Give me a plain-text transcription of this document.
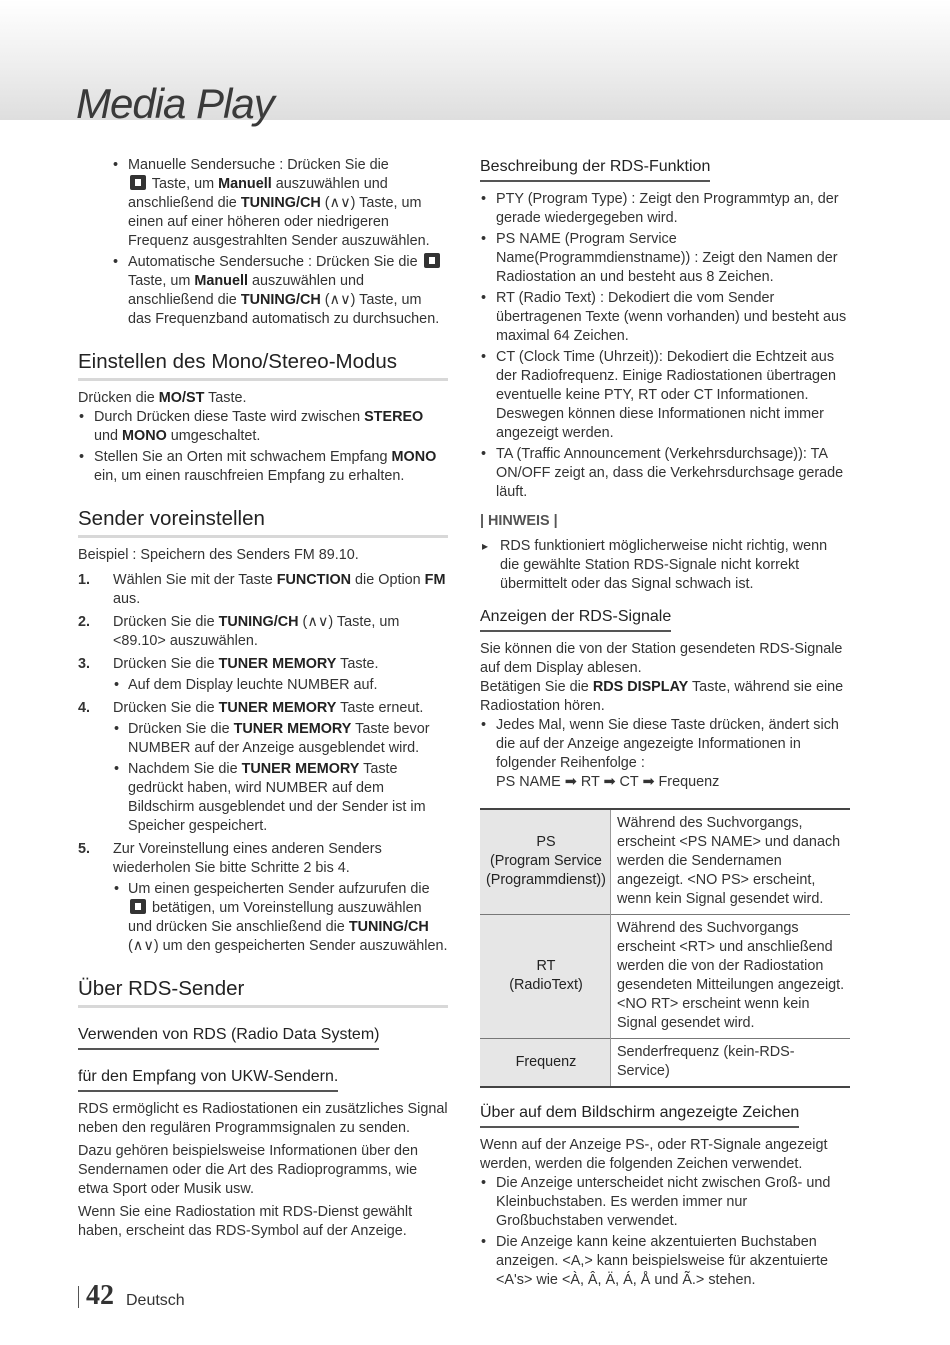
Media Play
• Manuelle Sendersuche : Drücken Sie die
Taste, um Manuell auszuwählen und anschließend die TUNING/CH (∧∨) Taste, um einen auf einer höheren oder niedrigeren Frequenz ausgestrahlten Sender auszuwählen.
• Automatische Sendersuche : Drücken Sie die  Taste, um Manuell auszuwählen und anschließend die TUNING/CH (∧∨) Taste, um das Frequenzband automatisch zu durchsuchen.
Einstellen des Mono/Stereo-Modus

Drücken die MO/ST Taste.

• Durch Drücken diese Taste wird zwischen STEREO und MONO umgeschaltet.
• Stellen Sie an Orten mit schwachem Empfang MONO ein, um einen rauschfreien Empfang zu erhalten.
Sender voreinstellen

Beispiel : Speichern des Senders FM 89.10.

1. Wählen Sie mit der Taste FUNCTION die Option FM aus.
2. Drücken Sie die TUNING/CH (∧∨) Taste, um <89.10> auszuwählen.
3. Drücken Sie die TUNER MEMORY Taste.
• Auf dem Display leuchte NUMBER auf.
4. Drücken Sie die TUNER MEMORY Taste erneut.
• Drücken Sie die TUNER MEMORY Taste bevor NUMBER auf der Anzeige ausgeblendet wird.
• Nachdem Sie die TUNER MEMORY Taste gedrückt haben, wird NUMBER auf dem Bildschirm ausgeblendet und der Sender ist im Speicher gespeichert.
5. Zur Voreinstellung eines anderen Senders wiederholen Sie bitte Schritte 2 bis 4.
• Um einen gespeicherten Sender aufzurufen die
betätigen, um Voreinstellung auszuwählen und drücken Sie anschließend die TUNING/CH (∧∨) um den gespeicherten Sender auszuwählen.
Über RDS-Sender
Verwenden von RDS (Radio Data System)
für den Empfang von UKW-Sendern.

RDS ermöglicht es Radiostationen ein zusätzliches Signal neben den regulären Programmsignalen zu senden.

Dazu gehören beispielsweise Informationen über den Sendernamen oder die Art des Radioprogramms, wie etwa Sport oder Musik usw.

Wenn Sie eine Radiostation mit RDS-Dienst gewählt haben, erscheint das RDS-Symbol auf der Anzeige.

Beschreibung der RDS-Funktion
• PTY (Program Type) : Zeigt den Programmtyp an, der gerade wiedergegeben wird.
• PS NAME (Program Service Name(Programmdienstname)) : Zeigt den Namen der Radiostation an und besteht aus 8 Zeichen.
• RT (Radio Text) : Dekodiert die vom Sender übertragenen Texte (wenn vorhanden) und besteht aus maximal 64 Zeichen.
• CT (Clock Time (Uhrzeit)): Dekodiert die Echtzeit aus der Radiofrequenz. Einige Radiostationen übertragen eventuelle keine PTY, RT oder CT Informationen. Deswegen können diese Informationen nicht immer angezeigt werden.
• TA (Traffic Announcement (Verkehrsdurchsage)): TA ON/OFF zeigt an, dass die Verkehrsdurchsage gerade läuft.

| HINWEIS |

▸ RDS funktioniert möglicherweise nicht richtig, wenn die gewählte Station RDS-Signale nicht korrekt übermittelt oder das Signal schwach ist.

Anzeigen der RDS-Signale

Sie können die von der Station gesendeten RDS-Signale auf dem Display ablesen.

Betätigen Sie die RDS DISPLAY Taste, während sie eine Radiostation hören.

• Jedes Mal, wenn Sie diese Taste drücken, ändert sich die auf der Anzeige angezeigte Informationen in folgender Reihenfolge :
PS NAME ➡ RT ➡ CT ➡ Frequenz
PS
(Program Service
(Programmdienst))	Während des Suchvorgangs, erscheint <PS NAME> und danach werden die Sendernamen angezeigt. <NO PS> erscheint, wenn kein Signal gesendet wird.
RT
(RadioText)	Während des Suchvorgangs erscheint <RT> und anschließend werden die von der Radiostation gesendeten Mitteilungen angezeigt. <NO RT> erscheint wenn kein Signal gesendet wird.
Frequenz	Senderfrequenz (kein-RDS-Service)
Über auf dem Bildschirm angezeigte Zeichen

Wenn auf der Anzeige PS-, oder RT-Signale angezeigt werden, werden die folgenden Zeichen verwendet.

• Die Anzeige unterscheidet nicht zwischen Groß- und Kleinbuchstaben. Es werden immer nur Großbuchstaben verwendet.
• Die Anzeige kann keine akzentuierten Buchstaben anzeigen. <A,> kann beispielsweise für akzentuierte <A's> wie <À, Â, Ä, Á, Å und Ã.> stehen.
42 Deutsch
